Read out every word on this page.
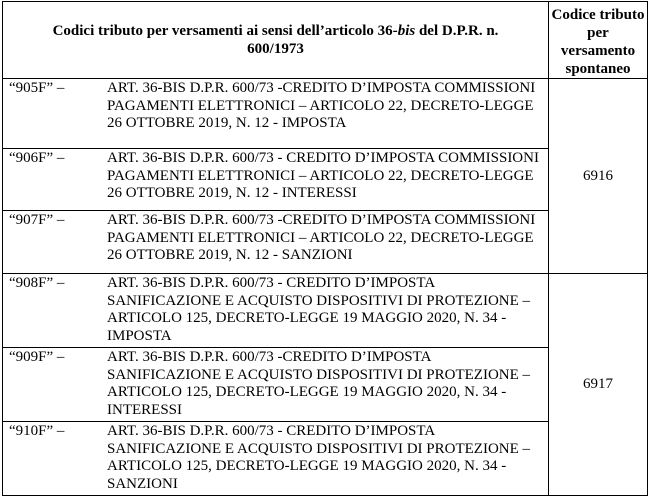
Codici tributo per versamenti ai sensi dell’articolo 36-bis del D.P.R. n. 600/1973	Codice tributo per versamento spontaneo

“905F” – ART. 36-BIS D.P.R. 600/73 -CREDITO D’IMPOSTA COMMISSIONI PAGAMENTI ELETTRONICI – ARTICOLO 22, DECRETO-LEGGE 26 OTTOBRE 2019, N. 12 - IMPOSTA	6916

“906F” – ART. 36-BIS D.P.R. 600/73 - CREDITO D’IMPOSTA COMMISSIONI PAGAMENTI ELETTRONICI – ARTICOLO 22, DECRETO-LEGGE 26 OTTOBRE 2019, N. 12 - INTERESSI	

“907F” – ART. 36-BIS D.P.R. 600/73 -CREDITO D’IMPOSTA COMMISSIONI PAGAMENTI ELETTRONICI – ARTICOLO 22, DECRETO-LEGGE 26 OTTOBRE 2019, N. 12 - SANZIONI	

“908F” – ART. 36-BIS D.P.R. 600/73 - CREDITO D’IMPOSTA SANIFICAZIONE E ACQUISTO DISPOSITIVI DI PROTEZIONE – ARTICOLO 125, DECRETO-LEGGE 19 MAGGIO 2020, N. 34 - IMPOSTA	6917

“909F” – ART. 36-BIS D.P.R. 600/73 -CREDITO D’IMPOSTA SANIFICAZIONE E ACQUISTO DISPOSITIVI DI PROTEZIONE – ARTICOLO 125, DECRETO-LEGGE 19 MAGGIO 2020, N. 34 - INTERESSI	

“910F” – ART. 36-BIS D.P.R. 600/73 - CREDITO D’IMPOSTA SANIFICAZIONE E ACQUISTO DISPOSITIVI DI PROTEZIONE – ARTICOLO 125, DECRETO-LEGGE 19 MAGGIO 2020, N. 34 - SANZIONI	
